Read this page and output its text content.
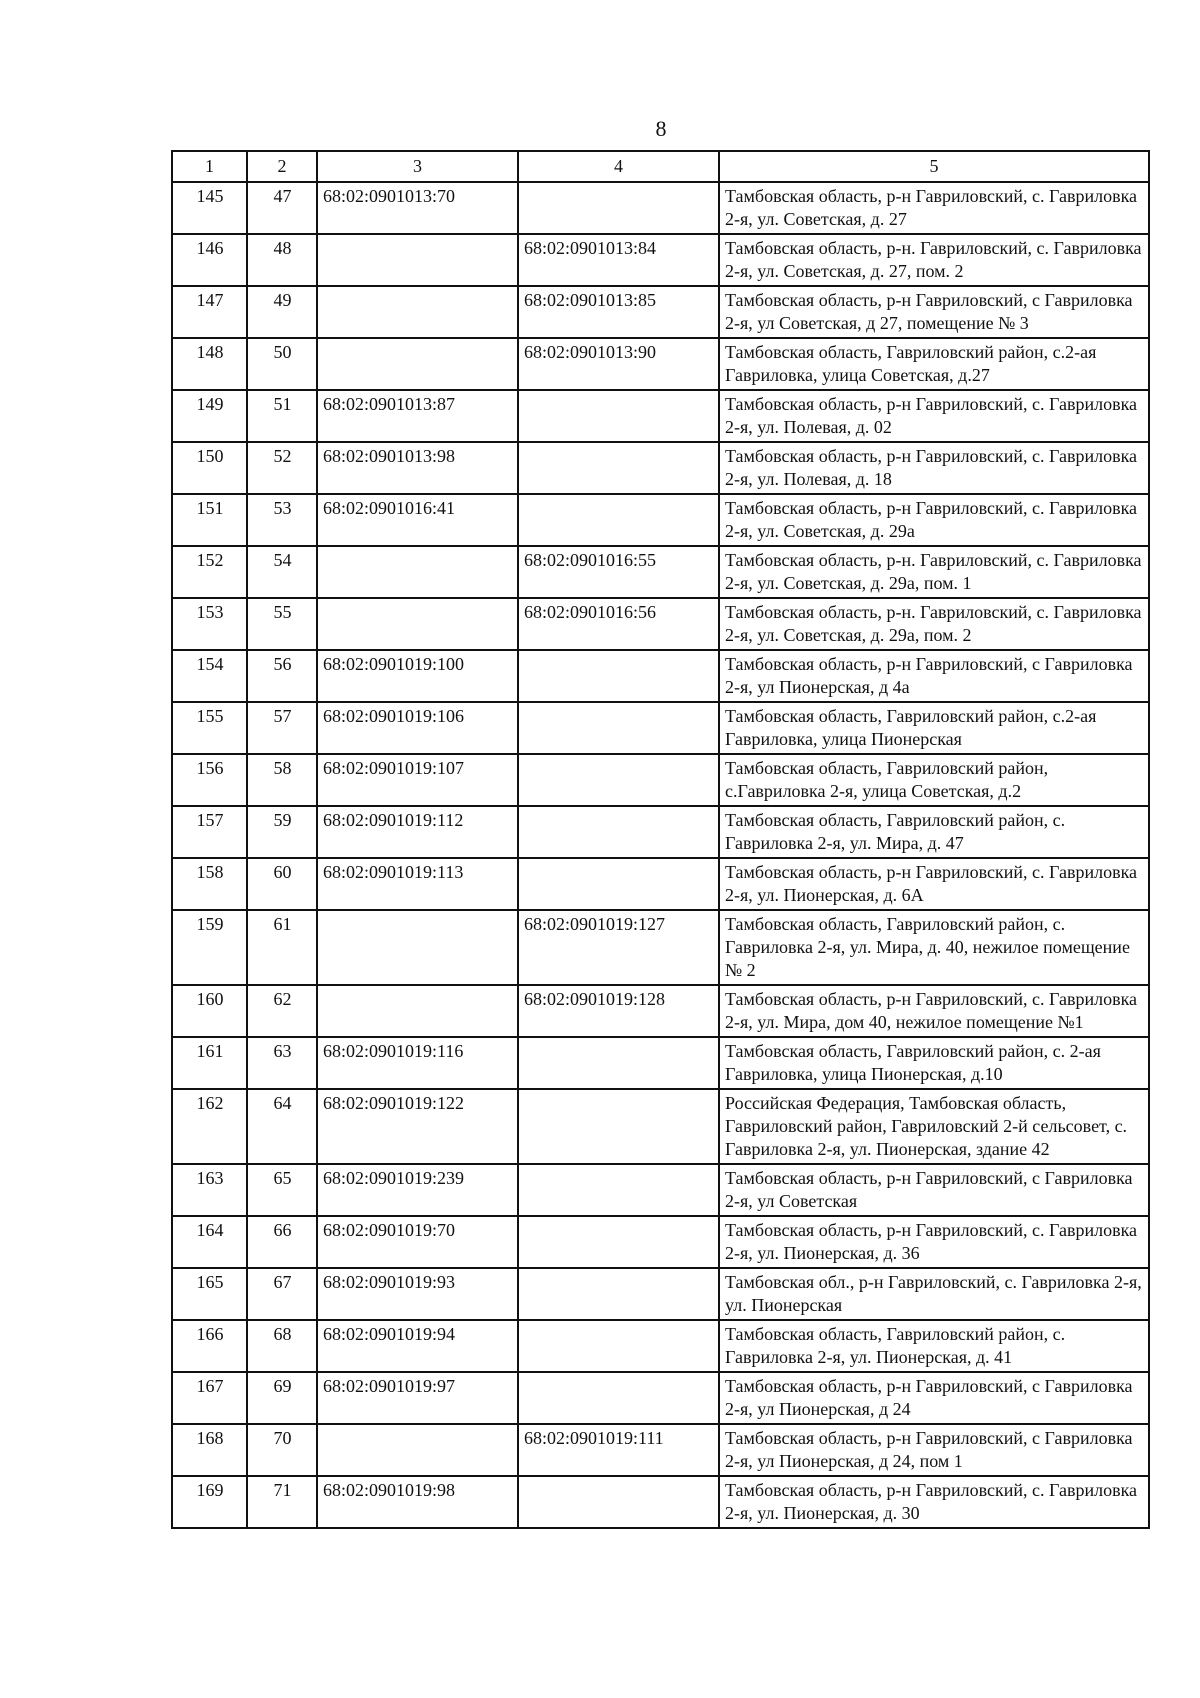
8
1	2	3	4	5
145	47	68:02:0901013:70		Тамбовская область, р-н Гавриловский, с. Гавриловка 2-я, ул. Советская, д. 27
146	48		68:02:0901013:84	Тамбовская область, р-н. Гавриловский, с. Гавриловка 2-я, ул. Советская, д. 27, пом. 2
147	49		68:02:0901013:85	Тамбовская область, р-н Гавриловский, с Гавриловка 2-я, ул Советская, д 27, помещение № 3
148	50		68:02:0901013:90	Тамбовская область, Гавриловский район, с.2-ая Гавриловка, улица Советская, д.27
149	51	68:02:0901013:87		Тамбовская область, р-н Гавриловский, с. Гавриловка 2-я, ул. Полевая, д. 02
150	52	68:02:0901013:98		Тамбовская область, р-н Гавриловский, с. Гавриловка 2-я, ул. Полевая, д. 18
151	53	68:02:0901016:41		Тамбовская область, р-н Гавриловский, с. Гавриловка 2-я, ул. Советская, д. 29а
152	54		68:02:0901016:55	Тамбовская область, р-н. Гавриловский, с. Гавриловка 2-я, ул. Советская, д. 29а, пом. 1
153	55		68:02:0901016:56	Тамбовская область, р-н. Гавриловский, с. Гавриловка 2-я, ул. Советская, д. 29а, пом. 2
154	56	68:02:0901019:100		Тамбовская область, р-н Гавриловский, с Гавриловка 2-я, ул Пионерская, д 4а
155	57	68:02:0901019:106		Тамбовская область, Гавриловский район, с.2-ая Гавриловка, улица Пионерская
156	58	68:02:0901019:107		Тамбовская область, Гавриловский район, с.Гавриловка 2-я, улица Советская, д.2
157	59	68:02:0901019:112		Тамбовская область, Гавриловский район, с. Гавриловка 2-я, ул. Мира, д. 47
158	60	68:02:0901019:113		Тамбовская область, р-н Гавриловский, с. Гавриловка 2-я, ул. Пионерская, д. 6А
159	61		68:02:0901019:127	Тамбовская область, Гавриловский район, с. Гавриловка 2-я, ул. Мира, д. 40, нежилое помещение № 2
160	62		68:02:0901019:128	Тамбовская область, р-н Гавриловский, с. Гавриловка 2-я, ул. Мира, дом 40, нежилое помещение №1
161	63	68:02:0901019:116		Тамбовская область, Гавриловский район, с. 2-ая Гавриловка, улица Пионерская, д.10
162	64	68:02:0901019:122		Российская Федерация, Тамбовская область, Гавриловский район, Гавриловский 2-й сельсовет, с. Гавриловка 2-я, ул. Пионерская, здание 42
163	65	68:02:0901019:239		Тамбовская область, р-н Гавриловский, с Гавриловка 2-я, ул Советская
164	66	68:02:0901019:70		Тамбовская область, р-н Гавриловский, с. Гавриловка 2-я, ул. Пионерская, д. 36
165	67	68:02:0901019:93		Тамбовская обл., р-н Гавриловский, с. Гавриловка 2-я, ул. Пионерская
166	68	68:02:0901019:94		Тамбовская область, Гавриловский район, с. Гавриловка 2-я, ул. Пионерская, д. 41
167	69	68:02:0901019:97		Тамбовская область, р-н Гавриловский, с Гавриловка 2-я, ул Пионерская, д 24
168	70		68:02:0901019:111	Тамбовская область, р-н Гавриловский, с Гавриловка 2-я, ул Пионерская, д 24, пом 1
169	71	68:02:0901019:98		Тамбовская область, р-н Гавриловский, с. Гавриловка 2-я, ул. Пионерская, д. 30
